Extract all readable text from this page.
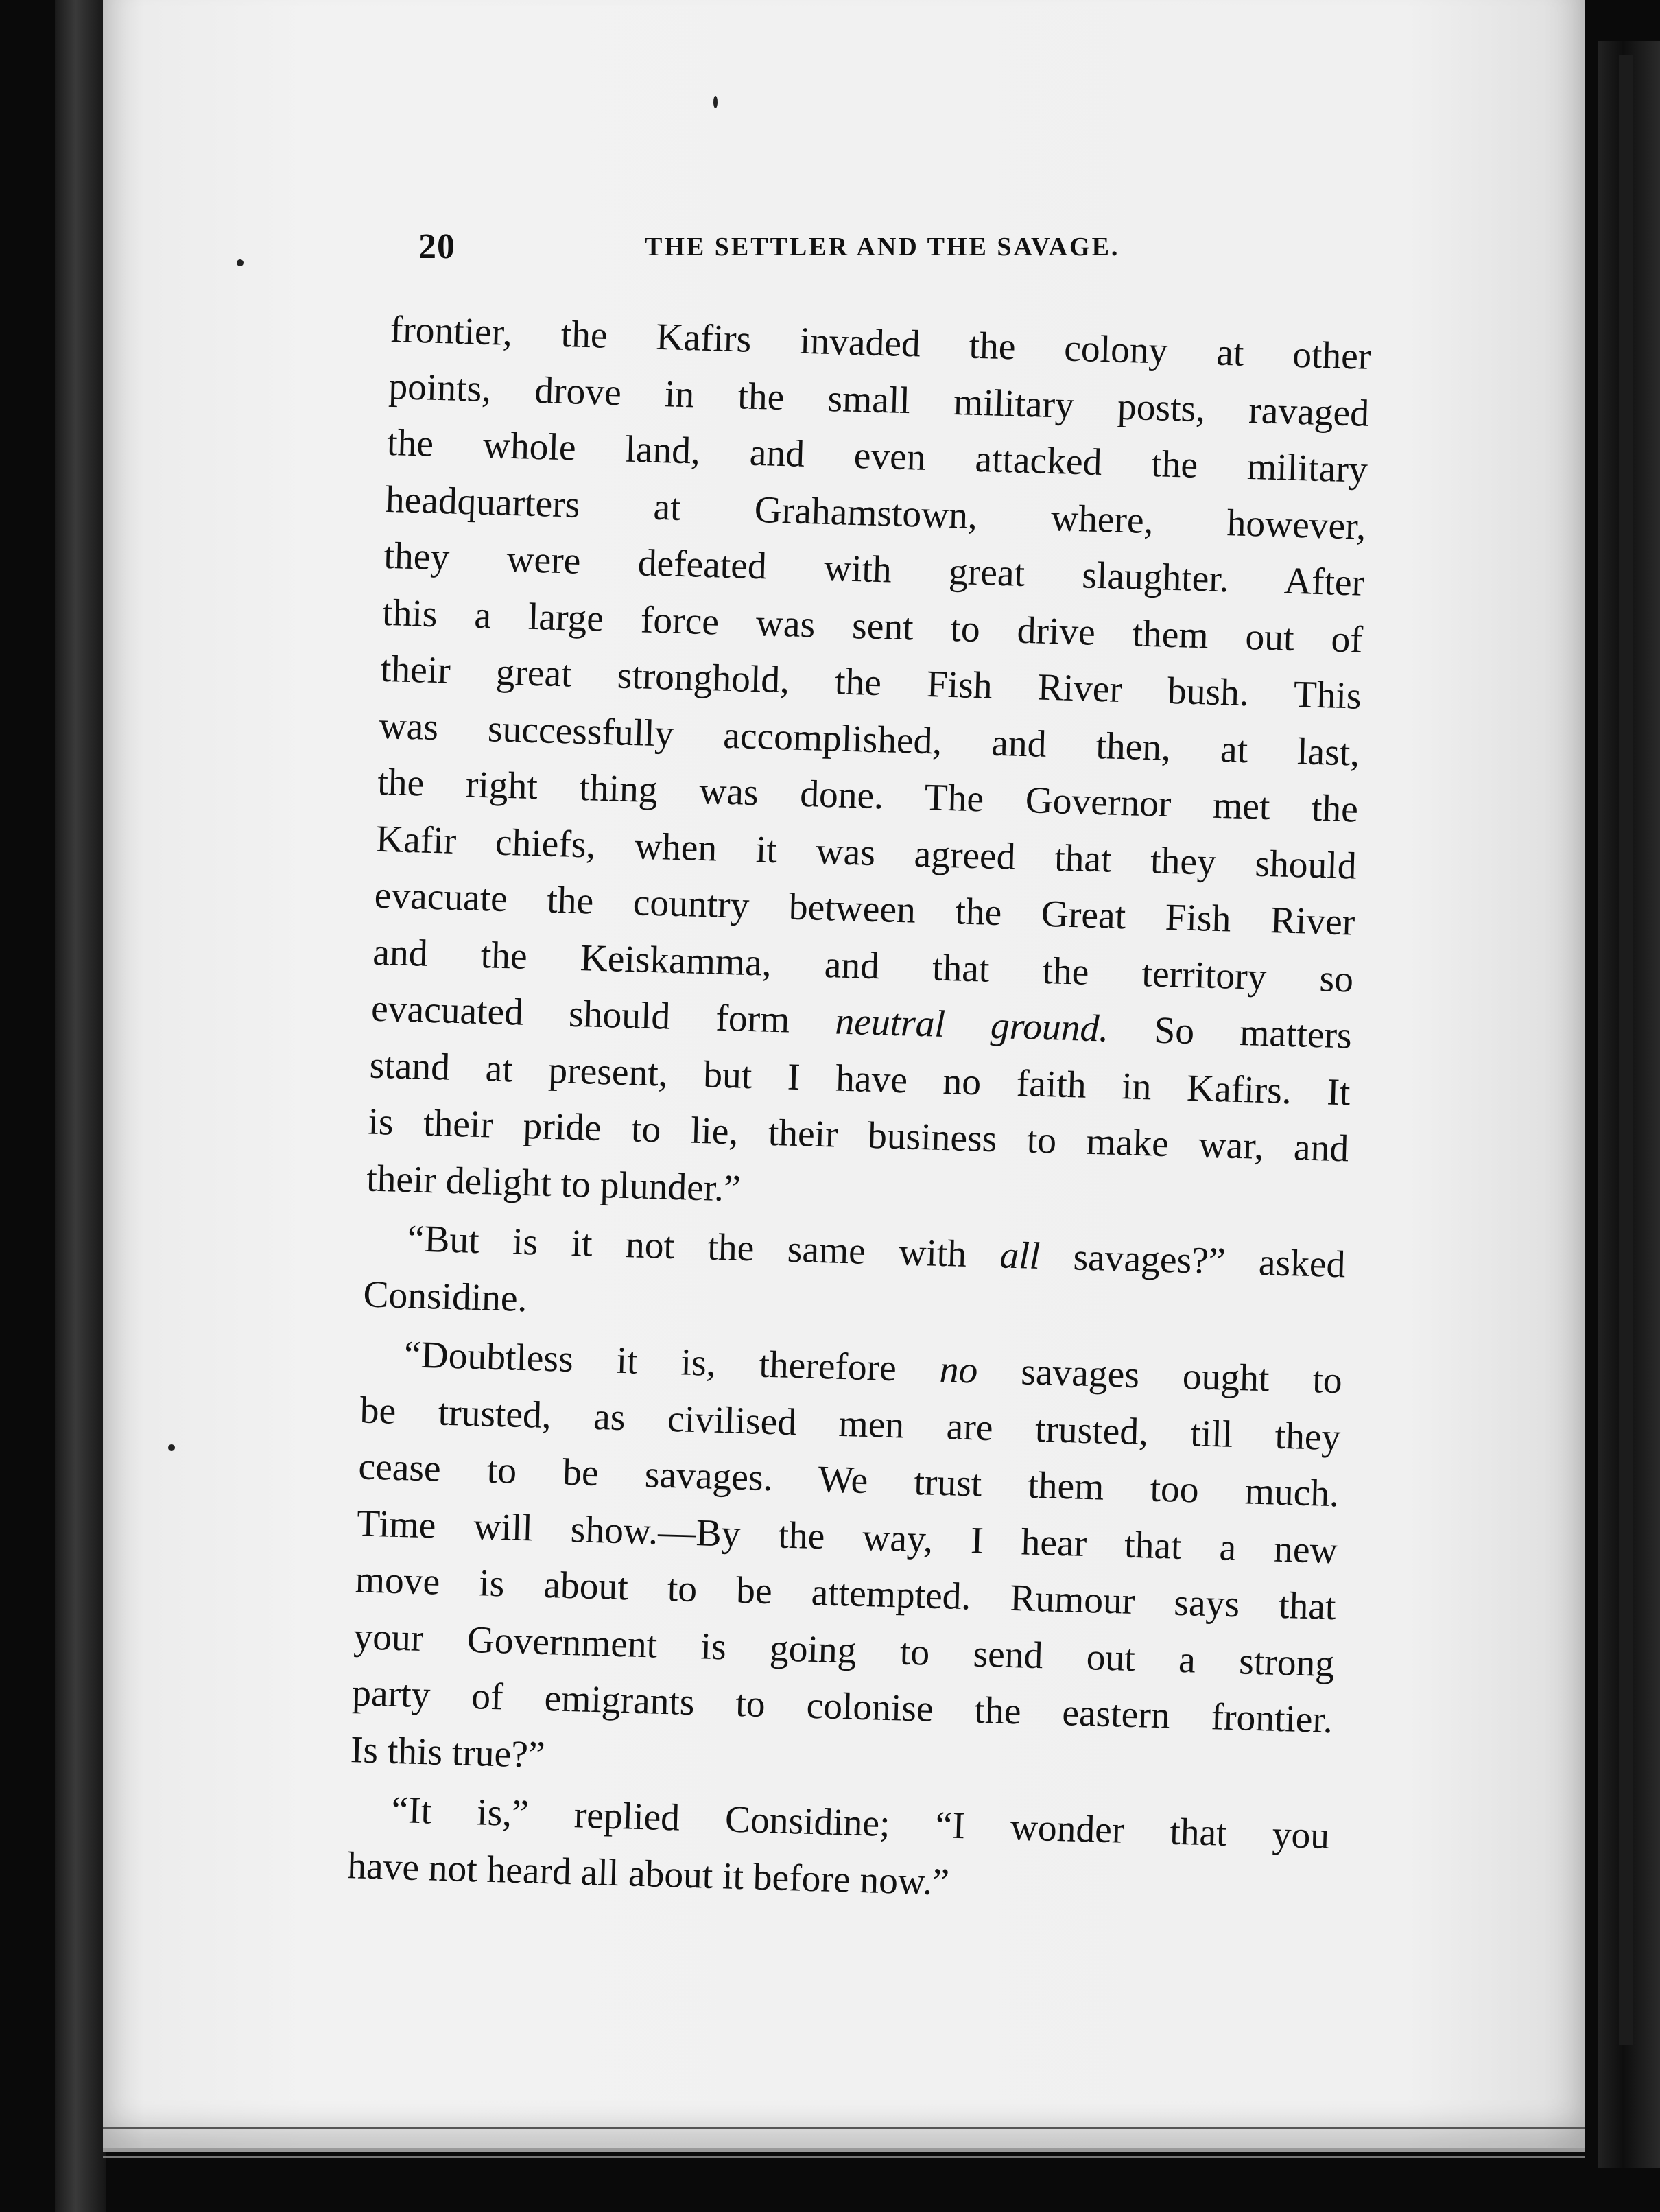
20	THE SETTLER AND THE SAVAGE.

frontier, the Kafirs invaded the colony at other

points, drove in the small military posts, ravaged

the whole land, and even attacked the military

headquarters at Grahamstown, where, however,

they were defeated with great slaughter. After

this a large force was sent to drive them out of

their great stronghold, the Fish River bush. This

was successfully accomplished, and then, at last,

the right thing was done. The Governor met the

Kafir chiefs, when it was agreed that they should

evacuate the country between the Great Fish River

and the Keiskamma, and that the territory so

evacuated should form neutral ground. So matters

stand at present, but I have no faith in Kafirs. It

is their pride to lie, their business to make war, and

their delight to plunder.”

“But is it not the same with all savages?” asked

Considine.

“Doubtless it is, therefore no savages ought to

be trusted, as civilised men are trusted, till they

cease to be savages. We trust them too much.

Time will show.—By the way, I hear that a new

move is about to be attempted. Rumour says that

your Government is going to send out a strong

party of emigrants to colonise the eastern frontier.

Is this true?”

“It is,” replied Considine; “I wonder that you

have not heard all about it before now.”
